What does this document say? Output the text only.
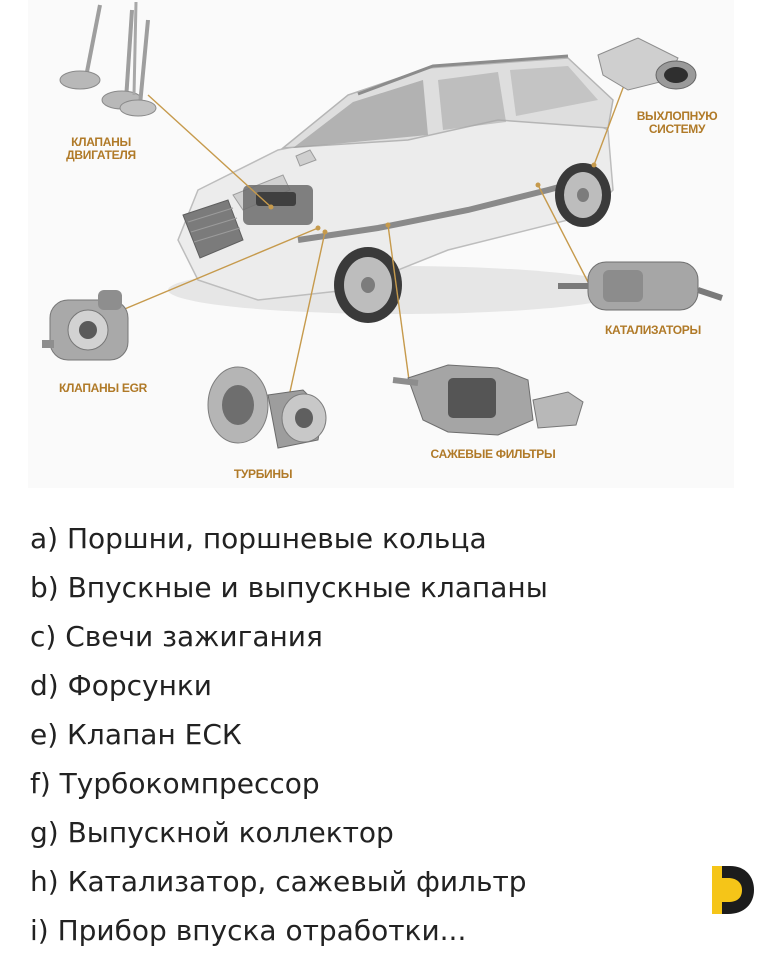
КЛАПАНЫ
ДВИГАТЕЛЯ
ВЫХЛОПНУЮ
СИСТЕМУ
КАТАЛИЗАТОРЫ
КЛАПАНЫ EGR
ТУРБИНЫ
САЖЕВЫЕ ФИЛЬТРЫ
a) Поршни, поршневые кольца
b) Впускные и выпускные клапаны
c) Свечи зажигания
d) Форсунки
e) Клапан ЕСК
f) Турбокомпрессор
g) Выпускной коллектор
h) Катализатор, сажевый фильтр
i) Прибор впуска отработки...
